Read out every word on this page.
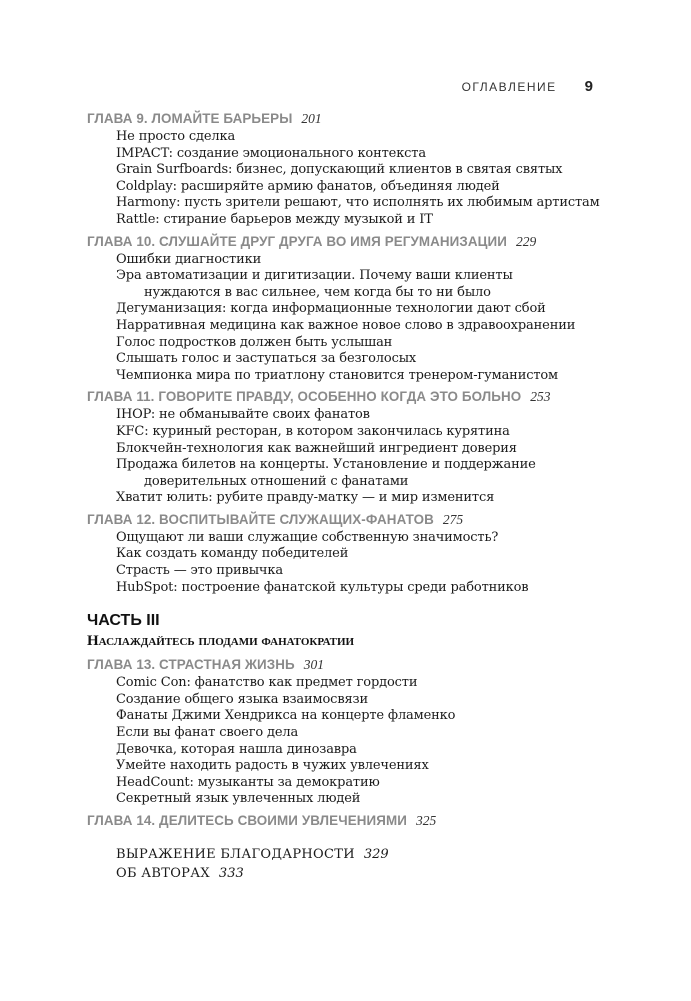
ОГЛАВЛЕНИЕ 9
ГЛАВА 9. ЛОМАЙТЕ БАРЬЕРЫ 201
Не просто сделка
IMPACT: создание эмоционального контекста
Grain Surfboards: бизнес, допускающий клиентов в святая святых
Coldplay: расширяйте армию фанатов, объединяя людей
Harmony: пусть зрители решают, что исполнять их любимым артистам
Rattle: стирание барьеров между музыкой и IT
ГЛАВА 10. СЛУШАЙТЕ ДРУГ ДРУГА ВО ИМЯ РЕГУМАНИЗАЦИИ 229
Ошибки диагностики
Эра автоматизации и дигитизации. Почему ваши клиенты
нуждаются в вас сильнее, чем когда бы то ни было
Дегуманизация: когда информационные технологии дают сбой
Нарративная медицина как важное новое слово в здравоохранении
Голос подростков должен быть услышан
Слышать голос и заступаться за безголосых
Чемпионка мира по триатлону становится тренером-гуманистом
ГЛАВА 11. ГОВОРИТЕ ПРАВДУ, ОСОБЕННО КОГДА ЭТО БОЛЬНО 253
IHOP: не обманывайте своих фанатов
KFC: куриный ресторан, в котором закончилась курятина
Блокчейн-технология как важнейший ингредиент доверия
Продажа билетов на концерты. Установление и поддержание
доверительных отношений с фанатами
Хватит юлить: рубите правду-матку — и мир изменится
ГЛАВА 12. ВОСПИТЫВАЙТЕ СЛУЖАЩИХ-ФАНАТОВ 275
Ощущают ли ваши служащие собственную значимость?
Как создать команду победителей
Страсть — это привычка
HubSpot: построение фанатской культуры среди работников
ЧАСТЬ III
Наслаждайтесь плодами фанатократии
ГЛАВА 13. СТРАСТНАЯ ЖИЗНЬ 301
Comic Con: фанатство как предмет гордости
Создание общего языка взаимосвязи
Фанаты Джими Хендрикса на концерте фламенко
Если вы фанат своего дела
Девочка, которая нашла динозавра
Умейте находить радость в чужих увлечениях
HeadCount: музыканты за демократию
Секретный язык увлеченных людей
ГЛАВА 14. ДЕЛИТЕСЬ СВОИМИ УВЛЕЧЕНИЯМИ 325
ВЫРАЖЕНИЕ БЛАГОДАРНОСТИ 329
ОБ АВТОРАХ 333
